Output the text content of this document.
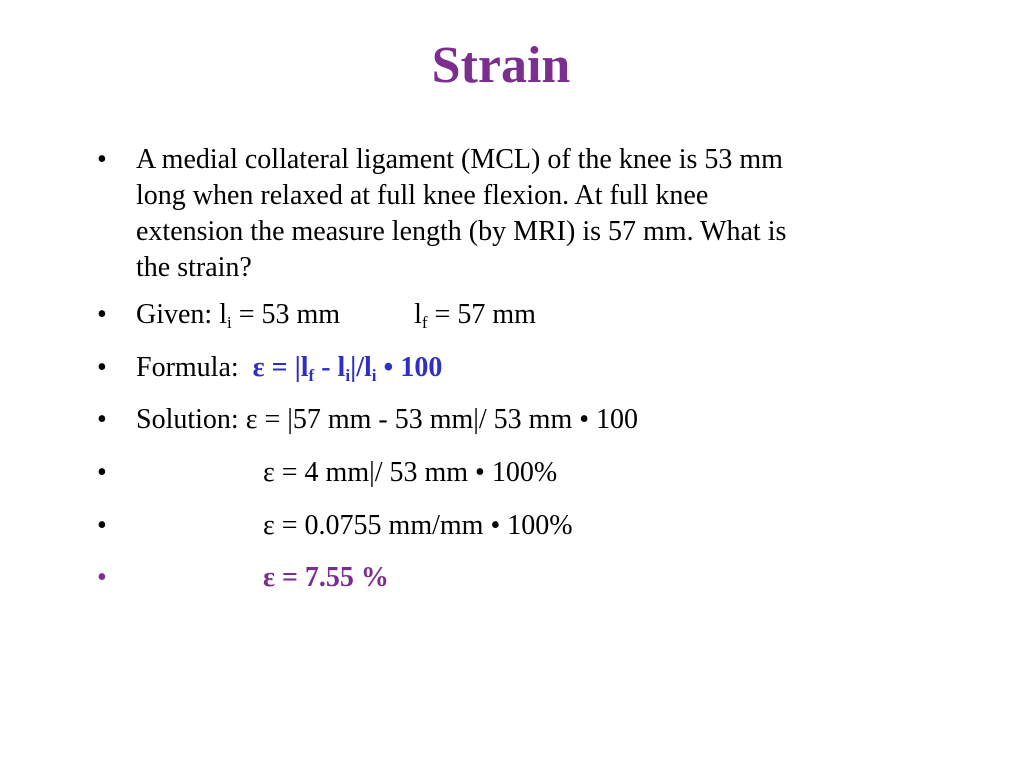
Strain
• A medial collateral ligament (MCL) of the knee is 53 mm
long when relaxed at full knee flexion. At full knee
extension the measure length (by MRI) is 57 mm. What is
the strain?
• Given: $l_i = 53$ mm	$l_f = 57$ mm
• Formula: $\varepsilon = |l_f - l_i|/l_i$ • 100
• Solution: ε = |57 mm - 53 mm|/ 53 mm • 100
•	ε = 4 mm|/ 53 mm • 100%
•	ε = 0.0755 mm/mm • 100%
•	ε = 7.55 %
